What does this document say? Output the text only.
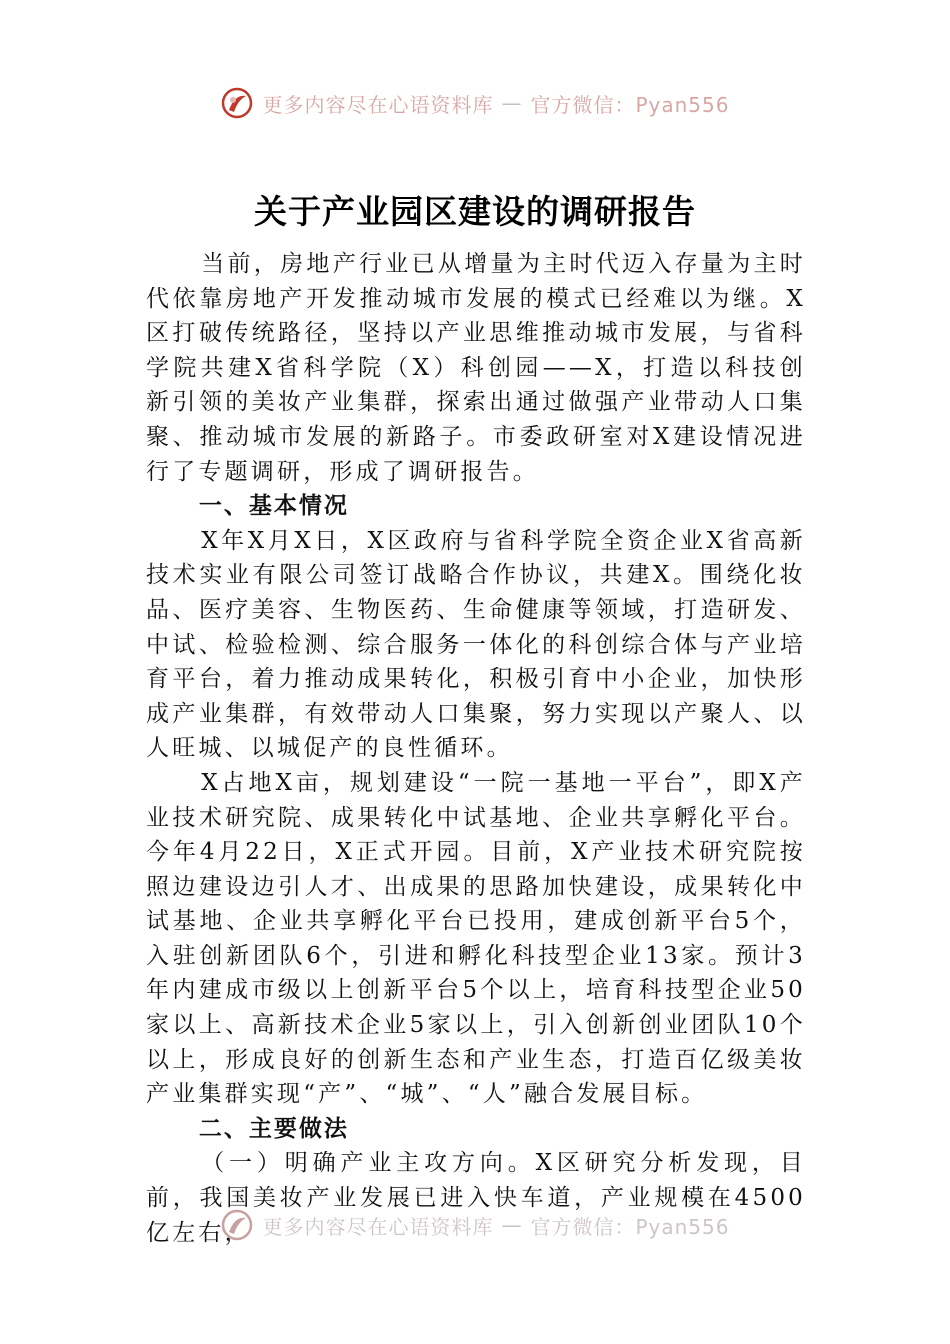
更多内容尽在心语资料库 — 官方微信：Pyan556
关于产业园区建设的调研报告

当前，房地产行业已从增量为主时代迈入存量为主时代依靠房地产开发推动城市发展的模式已经难以为继。X区打破传统路径，坚持以产业思维推动城市发展，与省科学院共建X省科学院（X）科创园——X，打造以科技创新引领的美妆产业集群，探索出通过做强产业带动人口集聚、推动城市发展的新路子。市委政研室对X建设情况进行了专题调研，形成了调研报告。

一、基本情况

X年X月X日，X区政府与省科学院全资企业X省高新技术实业有限公司签订战略合作协议，共建X。围绕化妆品、医疗美容、生物医药、生命健康等领域，打造研发、中试、检验检测、综合服务一体化的科创综合体与产业培育平台，着力推动成果转化，积极引育中小企业，加快形成产业集群，有效带动人口集聚，努力实现以产聚人、以人旺城、以城促产的良性循环。

X占地X亩，规划建设“一院一基地一平台”，即X产业技术研究院、成果转化中试基地、企业共享孵化平台。今年4月22日，X正式开园。目前，X产业技术研究院按照边建设边引人才、出成果的思路加快建设，成果转化中试基地、企业共享孵化平台已投用，建成创新平台5个，入驻创新团队6个，引进和孵化科技型企业13家。预计3年内建成市级以上创新平台5个以上，培育科技型企业50家以上、高新技术企业5家以上，引入创新创业团队10个以上，形成良好的创新生态和产业生态，打造百亿级美妆产业集群实现“产”、“城”、“人”融合发展目标。

二、主要做法

（一）明确产业主攻方向。X区研究分析发现，目前，我国美妆产业发展已进入快车道，产业规模在4500亿左右， 更多内容尽在心语资料库 — 官方微信：Pyan556
